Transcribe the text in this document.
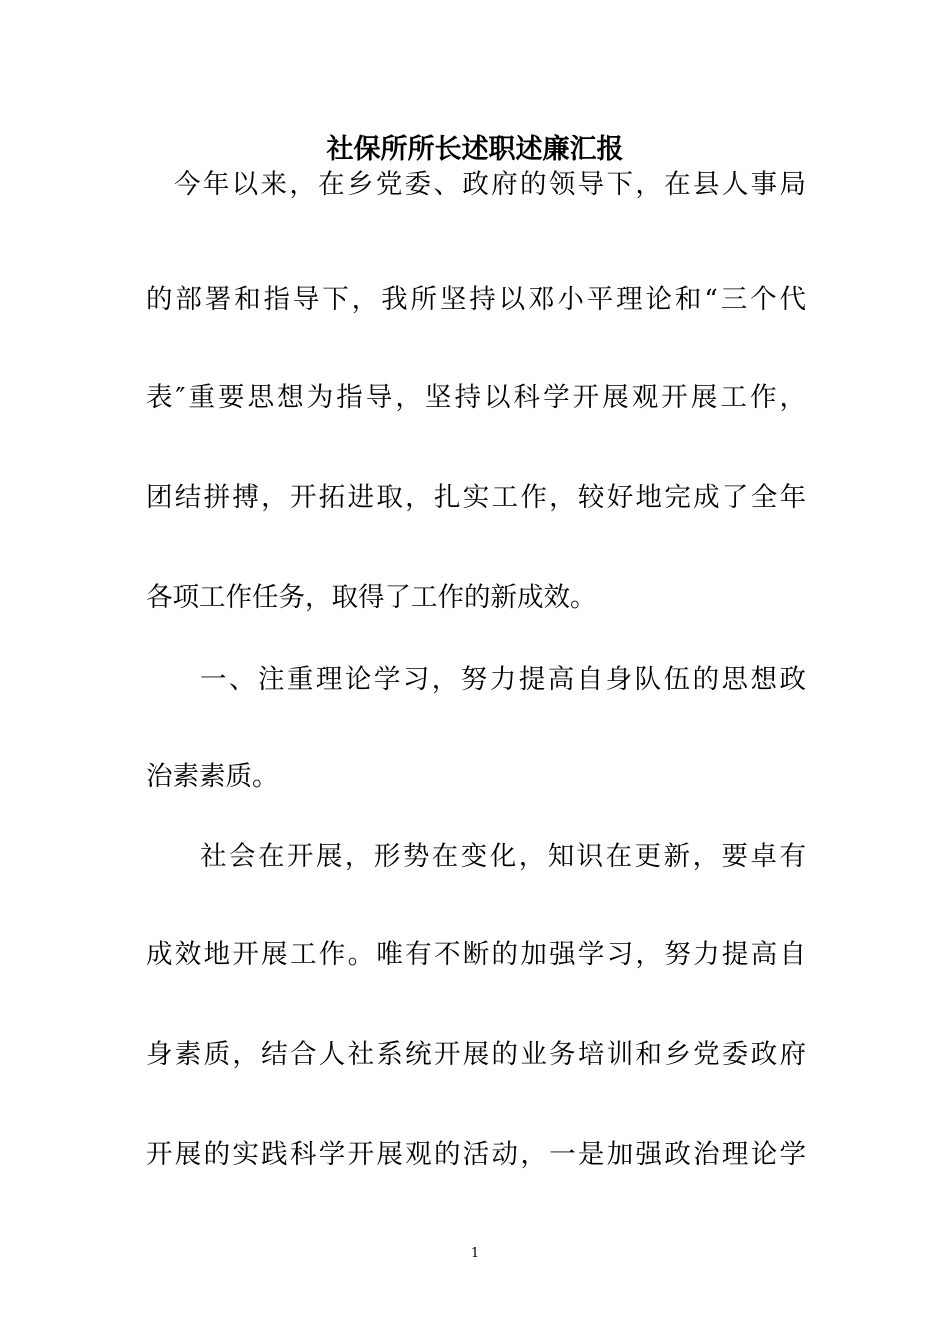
社保所所长述职述廉汇报
今年以来，在乡党委、政府的领导下，在县人事局
的部署和指导下，我所坚持以邓小平理论和“三个代
表″重要思想为指导，坚持以科学开展观开展工作，
团结拼搏，开拓进取，扎实工作，较好地完成了全年
各项工作任务，取得了工作的新成效。
一、注重理论学习，努力提高自身队伍的思想政
治素素质。
社会在开展，形势在变化，知识在更新，要卓有
成效地开展工作。唯有不断的加强学习，努力提高自
身素质，结合人社系统开展的业务培训和乡党委政府
开展的实践科学开展观的活动，一是加强政治理论学
1
